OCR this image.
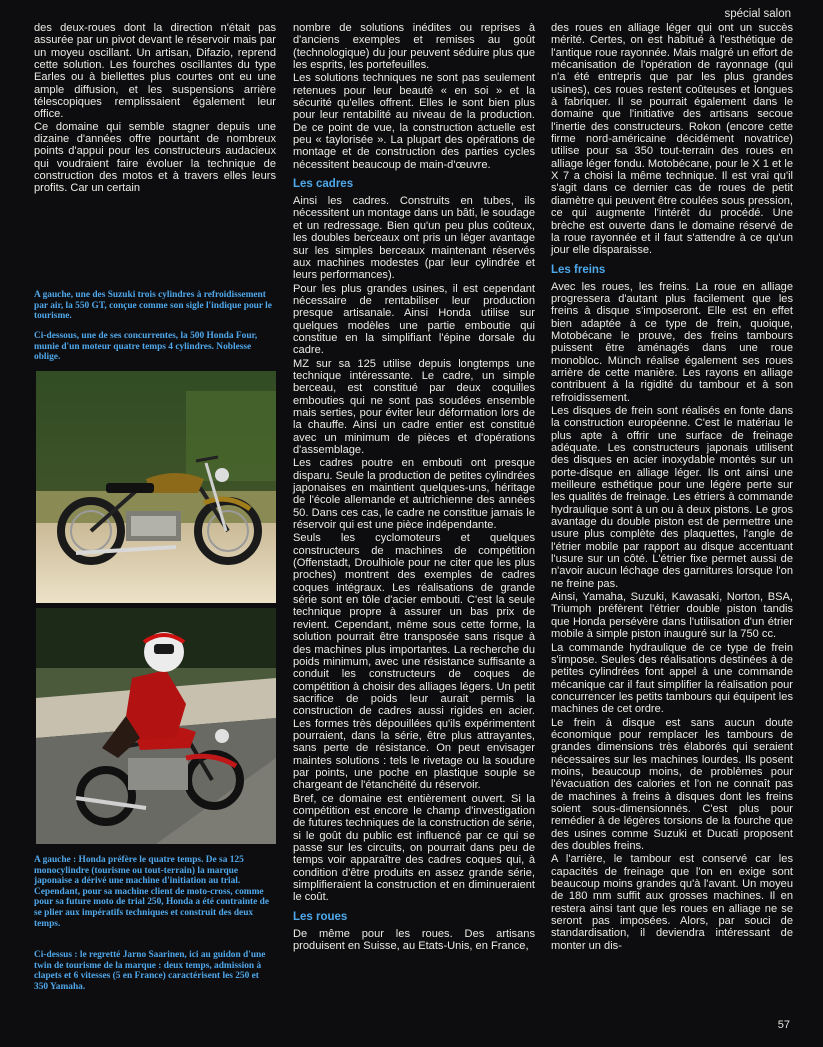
spécial salon

des deux-roues dont la direction n'était pas assurée par un pivot devant le réservoir mais par un moyeu oscillant. Un artisan, Difazio, reprend cette solution. Les fourches oscillantes du type Earles ou à biellettes plus courtes ont eu une ample diffusion, et les suspensions arrière télescopiques remplissaient également leur office.

Ce domaine qui semble stagner depuis une dizaine d'années offre pourtant de nombreux points d'appui pour les constructeurs audacieux qui voudraient faire évoluer la technique de construction des motos et à travers elles leurs profits. Car un certain

A gauche, une des Suzuki trois cylindres à refroidissement par air, la 550 GT, conçue comme son sigle l'indique pour le tourisme.
Ci-dessous, une de ses concurrentes, la 500 Honda Four, munie d'un moteur quatre temps 4 cylindres. Noblesse oblige.
A gauche : Honda préfère le quatre temps. De sa 125 monocylindre (tourisme ou tout-terrain) la marque japonaise a dérivé une machine d'initiation au trial. Cependant, pour sa machine client de moto-cross, comme pour sa future moto de trial 250, Honda a été contrainte de se plier aux impératifs techniques et construit des deux temps.
Ci-dessus : le regretté Jarno Saarinen, ici au guidon d'une twin de tourisme de la marque : deux temps, admission à clapets et 6 vitesses (5 en France) caractérisent les 250 et 350 Yamaha.

nombre de solutions inédites ou reprises à d'anciens exemples et remises au goût (technologique) du jour peuvent séduire plus que les esprits, les portefeuilles.

Les solutions techniques ne sont pas seulement retenues pour leur beauté « en soi » et la sécurité qu'elles offrent. Elles le sont bien plus pour leur rentabilité au niveau de la production. De ce point de vue, la construction actuelle est peu « taylorisée ». La plupart des opérations de montage et de construction des parties cycles nécessitent beaucoup de main-d'œuvre.

Les cadres

Ainsi les cadres. Construits en tubes, ils nécessitent un montage dans un bâti, le soudage et un redressage. Bien qu'un peu plus coûteux, les doubles berceaux ont pris un léger avantage sur les simples berceaux maintenant réservés aux machines modestes (par leur cylindrée et leurs performances).

Pour les plus grandes usines, il est cependant nécessaire de rentabiliser leur production presque artisanale. Ainsi Honda utilise sur quelques modèles une partie emboutie qui constitue en la simplifiant l'épine dorsale du cadre.

MZ sur sa 125 utilise depuis longtemps une technique intéressante. Le cadre, un simple berceau, est constitué par deux coquilles embouties qui ne sont pas soudées ensemble mais serties, pour éviter leur déformation lors de la chauffe. Ainsi un cadre entier est constitué avec un minimum de pièces et d'opérations d'assemblage.

Les cadres poutre en embouti ont presque disparu. Seule la production de petites cylindrées japonaises en maintient quelques-uns, héritage de l'école allemande et autrichienne des années 50. Dans ces cas, le cadre ne constitue jamais le réservoir qui est une pièce indépendante.

Seuls les cyclomoteurs et quelques constructeurs de machines de compétition (Offenstadt, Droulhiole pour ne citer que les plus proches) montrent des exemples de cadres coques intégraux. Les réalisations de grande série sont en tôle d'acier embouti. C'est la seule technique propre à assurer un bas prix de revient. Cependant, même sous cette forme, la solution pourrait être transposée sans risque à des machines plus importantes. La recherche du poids minimum, avec une résistance suffisante a conduit les constructeurs de coques de compétition à choisir des alliages légers. Un petit sacrifice de poids leur aurait permis la construction de cadres aussi rigides en acier. Les formes très dépouillées qu'ils expérimentent pourraient, dans la série, être plus attrayantes, sans perte de résistance. On peut envisager maintes solutions : tels le rivetage ou la soudure par points, une poche en plastique souple se chargeant de l'étanchéité du réservoir.

Bref, ce domaine est entièrement ouvert. Si la compétition est encore le champ d'investigation de futures techniques de la construction de série, si le goût du public est influencé par ce qui se passe sur les circuits, on pourrait dans peu de temps voir apparaître des cadres coques qui, à condition d'être produits en assez grande série, simplifieraient la construction et en diminueraient le coût.

Les roues

De même pour les roues. Des artisans produisent en Suisse, au Etats-Unis, en France,

des roues en alliage léger qui ont un succès mérité. Certes, on est habitué à l'esthétique de l'antique roue rayonnée. Mais malgré un effort de mécanisation de l'opération de rayonnage (qui n'a été entrepris que par les plus grandes usines), ces roues restent coûteuses et longues à fabriquer. Il se pourrait également dans le domaine que l'initiative des artisans secoue l'inertie des constructeurs. Rokon (encore cette firme nord-américaine décidément novatrice) utilise pour sa 350 tout-terrain des roues en alliage léger fondu. Motobécane, pour le X 1 et le X 7 a choisi la même technique. Il est vrai qu'il s'agit dans ce dernier cas de roues de petit diamètre qui peuvent être coulées sous pression, ce qui augmente l'intérêt du procédé. Une brèche est ouverte dans le domaine réservé de la roue rayonnée et il faut s'attendre à ce qu'un jour elle disparaisse.

Les freins

Avec les roues, les freins. La roue en alliage progressera d'autant plus facilement que les freins à disque s'imposeront. Elle est en effet bien adaptée à ce type de frein, quoique, Motobécane le prouve, des freins tambours puissent être aménagés dans une roue monobloc. Münch réalise également ses roues arrière de cette manière. Les rayons en alliage contribuent à la rigidité du tambour et à son refroidissement.

Les disques de frein sont réalisés en fonte dans la construction européenne. C'est le matériau le plus apte à offrir une surface de freinage adéquate. Les constructeurs japonais utilisent des disques en acier inoxydable montés sur un porte-disque en alliage léger. Ils ont ainsi une meilleure esthétique pour une légère perte sur les qualités de freinage. Les étriers à commande hydraulique sont à un ou à deux pistons. Le gros avantage du double piston est de permettre une usure plus complète des plaquettes, l'angle de l'étrier mobile par rapport au disque accentuant l'usure sur un côté. L'étrier fixe permet aussi de n'avoir aucun léchage des garnitures lorsque l'on ne freine pas.

Ainsi, Yamaha, Suzuki, Kawasaki, Norton, BSA, Triumph préfèrent l'étrier double piston tandis que Honda persévère dans l'utilisation d'un étrier mobile à simple piston inauguré sur la 750 cc.

La commande hydraulique de ce type de frein s'impose. Seules des réalisations destinées à de petites cylindrées font appel à une commande mécanique car il faut simplifier la réalisation pour concurrencer les petits tambours qui équipent les machines de cet ordre.

Le frein à disque est sans aucun doute économique pour remplacer les tambours de grandes dimensions très élaborés qui seraient nécessaires sur les machines lourdes. Ils posent moins, beaucoup moins, de problèmes pour l'évacuation des calories et l'on ne connaît pas de machines à freins à disques dont les freins soient sous-dimensionnés. C'est plus pour remédier à de légères torsions de la fourche que des usines comme Suzuki et Ducati proposent des doubles freins.

A l'arrière, le tambour est conservé car les capacités de freinage que l'on en exige sont beaucoup moins grandes qu'à l'avant. Un moyeu de 180 mm suffit aux grosses machines. Il en restera ainsi tant que les roues en alliage ne se seront pas imposées. Alors, par souci de standardisation, il deviendra intéressant de monter un dis-

57
